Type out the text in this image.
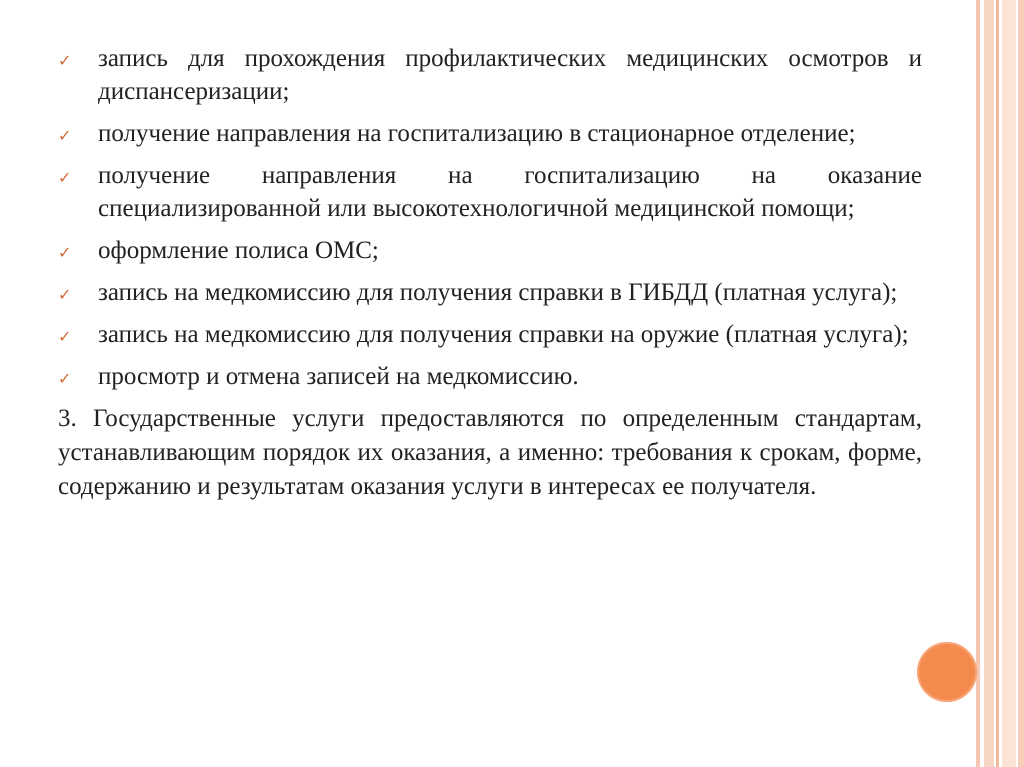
✓ запись для прохождения профилактических медицинских осмотров и диспансеризации;
✓ получение направления на госпитализацию в стационарное отделение;
✓ получение направления на госпитализацию на оказание специализированной или высокотехнологичной медицинской помощи;
✓ оформление полиса ОМС;
✓ запись на медкомиссию для получения справки в ГИБДД (платная услуга);
✓ запись на медкомиссию для получения справки на оружие (платная услуга);
✓ просмотр и отмена записей на медкомиссию.
3. Государственные услуги предоставляются по определенным стандартам, устанавливающим порядок их оказания, а именно: требования к срокам, форме, содержанию и результатам оказания услуги в интересах ее получателя.
